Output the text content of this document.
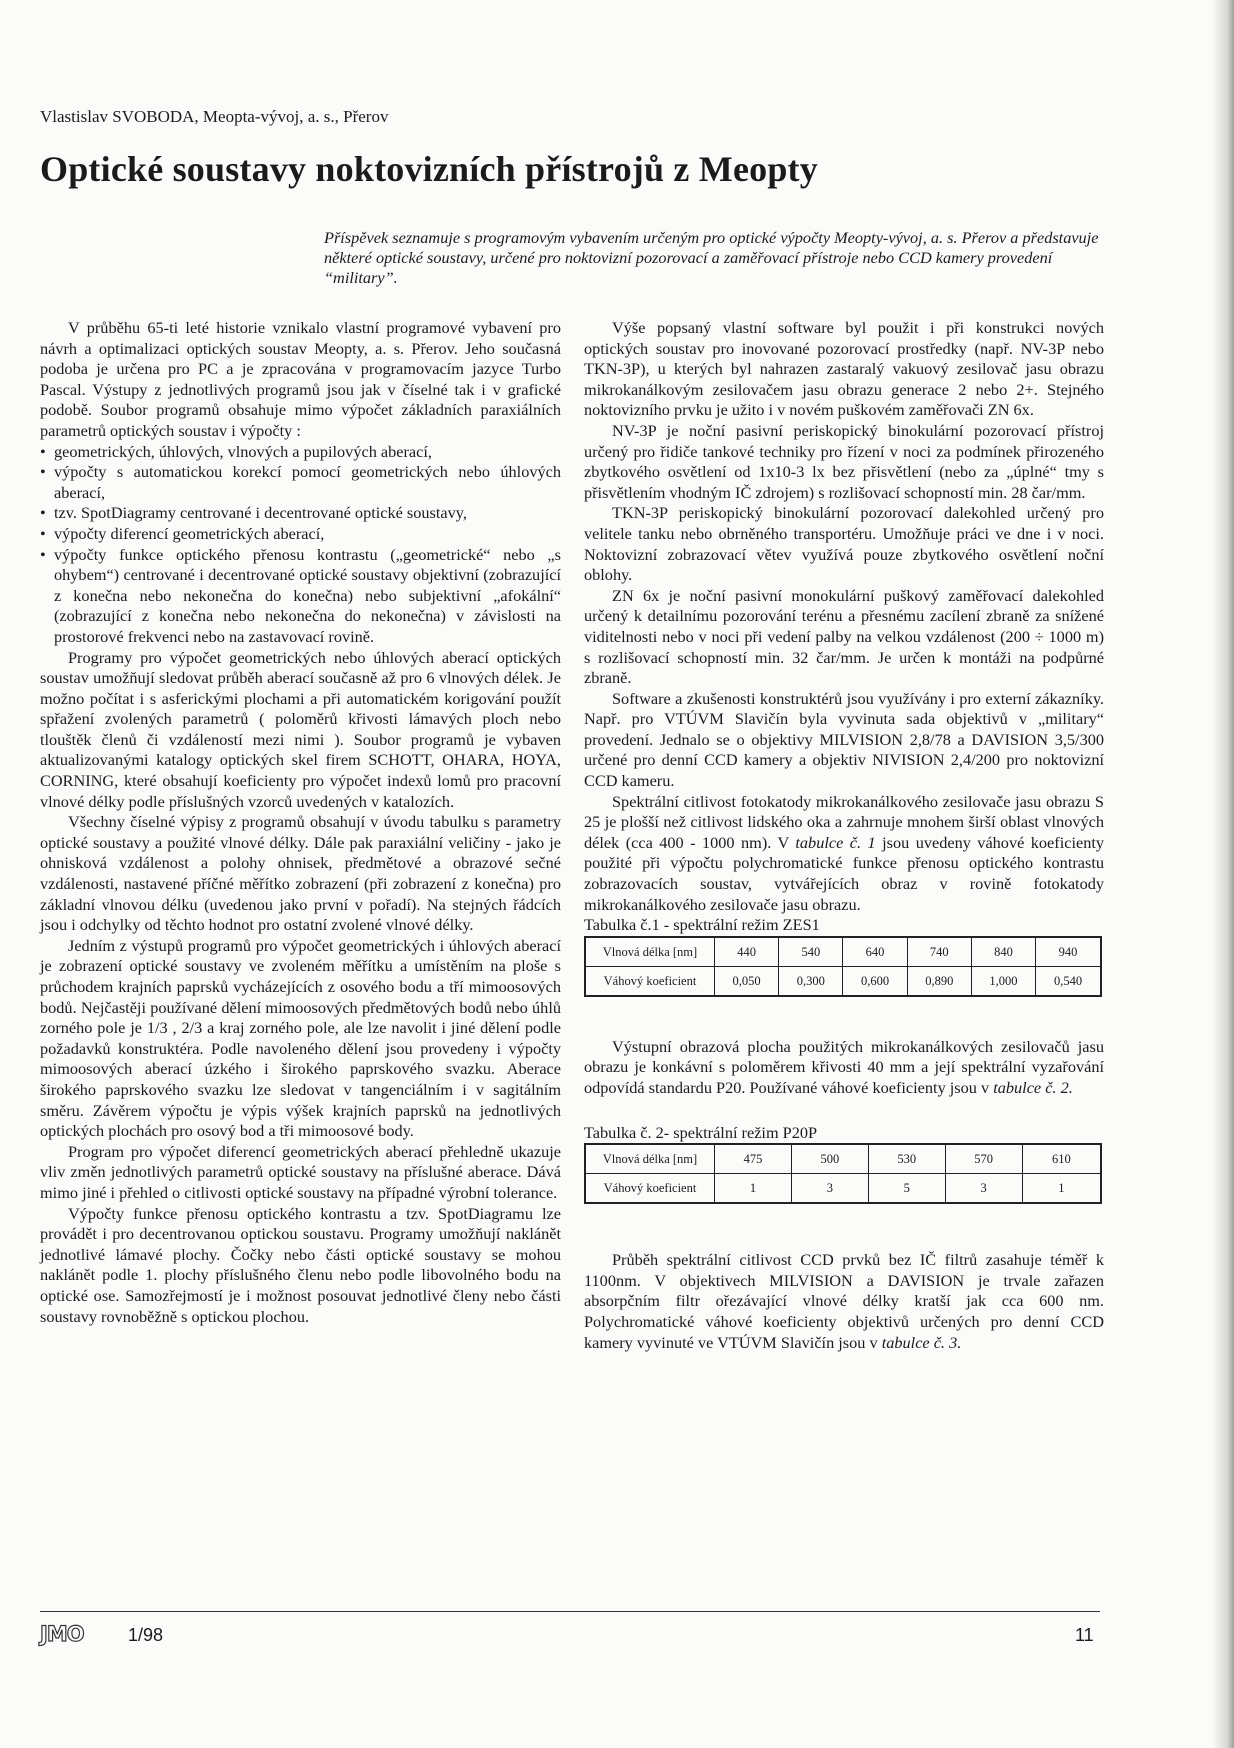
Vlastislav SVOBODA, Meopta-vývoj, a. s., Přerov
Optické soustavy noktovizních přístrojů z Meopty

Příspěvek seznamuje s programovým vybavením určeným pro optické výpočty Meopty-vývoj, a. s. Přerov a představuje některé optické soustavy, určené pro noktovizní pozorovací a zaměřovací přístroje nebo CCD kamery provedení “military”.

V průběhu 65-ti leté historie vznikalo vlastní programové vybavení pro návrh a optimalizaci optických soustav Meopty, a. s. Přerov. Jeho současná podoba je určena pro PC a je zpracována v programovacím jazyce Turbo Pascal. Výstupy z jednotlivých programů jsou jak v číselné tak i v grafické podobě. Soubor programů obsahuje mimo výpočet základních paraxiálních parametrů optických soustav i výpočty :

• geometrických, úhlových, vlnových a pupilových aberací,
• výpočty s automatickou korekcí pomocí geometrických nebo úhlových aberací,
• tzv. SpotDiagramy centrované i decentrované optické soustavy,
• výpočty diferencí geometrických aberací,
• výpočty funkce optického přenosu kontrastu („geometrické“ nebo „s ohybem“) centrované i decentrované optické soustavy objektivní (zobrazující z konečna nebo nekonečna do konečna) nebo subjektivní „afokální“ (zobrazující z konečna nebo nekonečna do nekonečna) v závislosti na prostorové frekvenci nebo na zastavovací rovině.

Programy pro výpočet geometrických nebo úhlových aberací optických soustav umožňují sledovat průběh aberací současně až pro 6 vlnových délek. Je možno počítat i s asferickými plochami a při automatickém korigování použít spřažení zvolených parametrů ( poloměrů křivosti lámavých ploch nebo tlouštěk členů či vzdáleností mezi nimi ). Soubor programů je vybaven aktualizovanými katalogy optických skel firem SCHOTT, OHARA, HOYA, CORNING, které obsahují koeficienty pro výpočet indexů lomů pro pracovní vlnové délky podle příslušných vzorců uvedených v katalozích.

Všechny číselné výpisy z programů obsahují v úvodu tabulku s parametry optické soustavy a použité vlnové délky. Dále pak paraxiální veličiny - jako je ohnisková vzdálenost a polohy ohnisek, předmětové a obrazové sečné vzdálenosti, nastavené příčné měřítko zobrazení (při zobrazení z konečna) pro základní vlnovou délku (uvedenou jako první v pořadí). Na stejných řádcích jsou i odchylky od těchto hodnot pro ostatní zvolené vlnové délky.

Jedním z výstupů programů pro výpočet geometrických i úhlových aberací je zobrazení optické soustavy ve zvoleném měřítku a umístěním na ploše s průchodem krajních paprsků vycházejících z osového bodu a tří mimoosových bodů. Nejčastěji používané dělení mimoosových předmětových bodů nebo úhlů zorného pole je 1/3 , 2/3 a kraj zorného pole, ale lze navolit i jiné dělení podle požadavků konstruktéra. Podle navoleného dělení jsou provedeny i výpočty mimoosových aberací úzkého i širokého paprskového svazku. Aberace širokého paprskového svazku lze sledovat v tangenciálním i v sagitálním směru. Závěrem výpočtu je výpis výšek krajních paprsků na jednotlivých optických plochách pro osový bod a tři mimoosové body.

Program pro výpočet diferencí geometrických aberací přehledně ukazuje vliv změn jednotlivých parametrů optické soustavy na příslušné aberace. Dává mimo jiné i přehled o citlivosti optické soustavy na případné výrobní tolerance.

Výpočty funkce přenosu optického kontrastu a tzv. SpotDiagramu lze provádět i pro decentrovanou optickou soustavu. Programy umožňují naklánět jednotlivé lámavé plochy. Čočky nebo části optické soustavy se mohou naklánět podle 1. plochy příslušného členu nebo podle libovolného bodu na optické ose. Samozřejmostí je i možnost posouvat jednotlivé členy nebo části soustavy rovnoběžně s optickou plochou.

Výše popsaný vlastní software byl použit i při konstrukci nových optických soustav pro inovované pozorovací prostředky (např. NV-3P nebo TKN-3P), u kterých byl nahrazen zastaralý vakuový zesilovač jasu obrazu mikrokanálkovým zesilovačem jasu obrazu generace 2 nebo 2+. Stejného noktovizního prvku je užito i v novém puškovém zaměřovači ZN 6x.

NV-3P je noční pasivní periskopický binokulární pozorovací přístroj určený pro řidiče tankové techniky pro řízení v noci za podmínek přirozeného zbytkového osvětlení od 1x10-3 lx bez přisvětlení (nebo za „úplné“ tmy s přisvětlením vhodným IČ zdrojem) s rozlišovací schopností min. 28 čar/mm.

TKN-3P periskopický binokulární pozorovací dalekohled určený pro velitele tanku nebo obrněného transportéru. Umožňuje práci ve dne i v noci. Noktovizní zobrazovací větev využívá pouze zbytkového osvětlení noční oblohy.

ZN 6x je noční pasivní monokulární puškový zaměřovací dalekohled určený k detailnímu pozorování terénu a přesnému zacílení zbraně za snížené viditelnosti nebo v noci při vedení palby na velkou vzdálenost (200 ÷ 1000 m) s rozlišovací schopností min. 32 čar/mm. Je určen k montáži na podpůrné zbraně.

Software a zkušenosti konstruktérů jsou využívány i pro externí zákazníky. Např. pro VTÚVM Slavičín byla vyvinuta sada objektivů v „military“ provedení. Jednalo se o objektivy MILVISION 2,8/78 a DAVISION 3,5/300 určené pro denní CCD kamery a objektiv NIVISION 2,4/200 pro noktovizní CCD kameru.

Spektrální citlivost fotokatody mikrokanálkového zesilovače jasu obrazu S 25 je plošší než citlivost lidského oka a zahrnuje mnohem širší oblast vlnových délek (cca 400 - 1000 nm). V tabulce č. 1 jsou uvedeny váhové koeficienty použité při výpočtu polychromatické funkce přenosu optického kontrastu zobrazovacích soustav, vytvářejících obraz v rovině fotokatody mikrokanálkového zesilovače jasu obrazu.

Tabulka č.1 - spektrální režim ZES1

Vlnová délka [nm]	440	540	640	740	840	940
Váhový koeficient	0,050	0,300	0,600	0,890	1,000	0,540

Výstupní obrazová plocha použitých mikrokanálkových zesilovačů jasu obrazu je konkávní s poloměrem křivosti 40 mm a její spektrální vyzařování odpovídá standardu P20. Používané váhové koeficienty jsou v tabulce č. 2.

Tabulka č. 2- spektrální režim P20P

Vlnová délka [nm]	475	500	530	570	610
Váhový koeficient	1	3	5	3	1

Průběh spektrální citlivost CCD prvků bez IČ filtrů zasahuje téměř k 1100nm. V objektivech MILVISION a DAVISION je trvale zařazen absorpčním filtr ořezávající vlnové délky kratší jak cca 600 nm. Polychromatické váhové koeficienty objektivů určených pro denní CCD kamery vyvinuté ve VTÚVM Slavičín jsou v tabulce č. 3.

JMO 1/98	11
